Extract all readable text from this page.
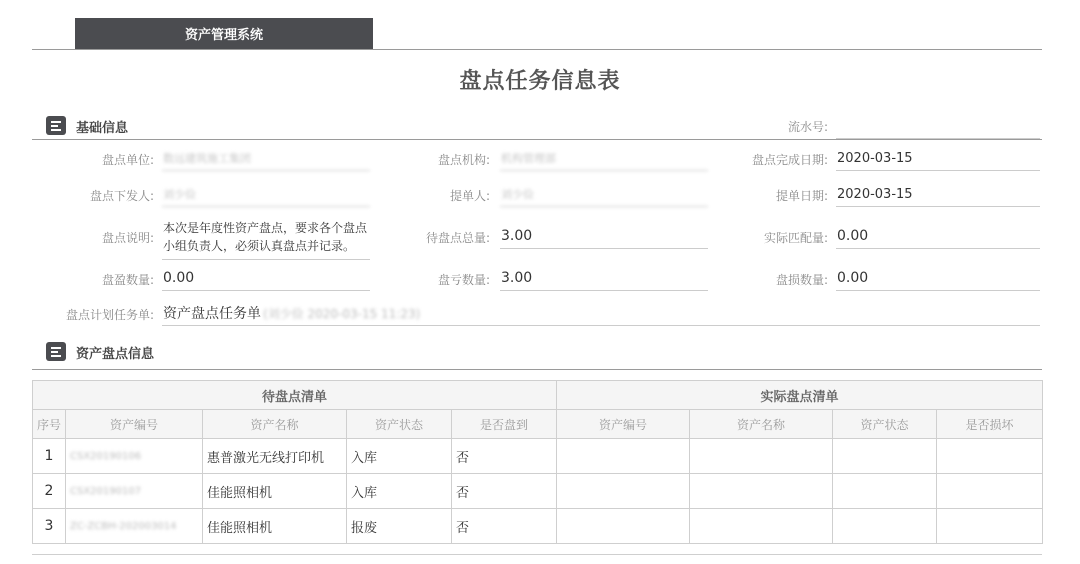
资产管理系统
盘点任务信息表
基础信息	流水号:
盘点单位: 数远建筑施工集团	盘点机构: 机构管理部	盘点完成日期: 2020-03-15
盘点下发人: 刘少俭	提单人: 刘少俭	提单日期: 2020-03-15
盘点说明:
本次是年度性资产盘点，要求各个盘点小组负责人，必须认真盘点并记录。
待盘点总量: 3.00	实际匹配量: 0.00
盘盈数量: 0.00	盘亏数量: 3.00	盘损数量: 0.00
盘点计划任务单: 资产盘点任务单 (刘少俭 2020-03-15 11:23)
资产盘点信息
待盘点清单					实际盘点清单			
序号	资产编号	资产名称	资产状态	是否盘到	资产编号	资产名称	资产状态	是否损坏
1	CSX20190106	惠普激光无线打印机	入库	否				
2	CSX20190107	佳能照相机	入库	否				
3	ZC-ZCBH-202003014	佳能照相机	报废	否				
